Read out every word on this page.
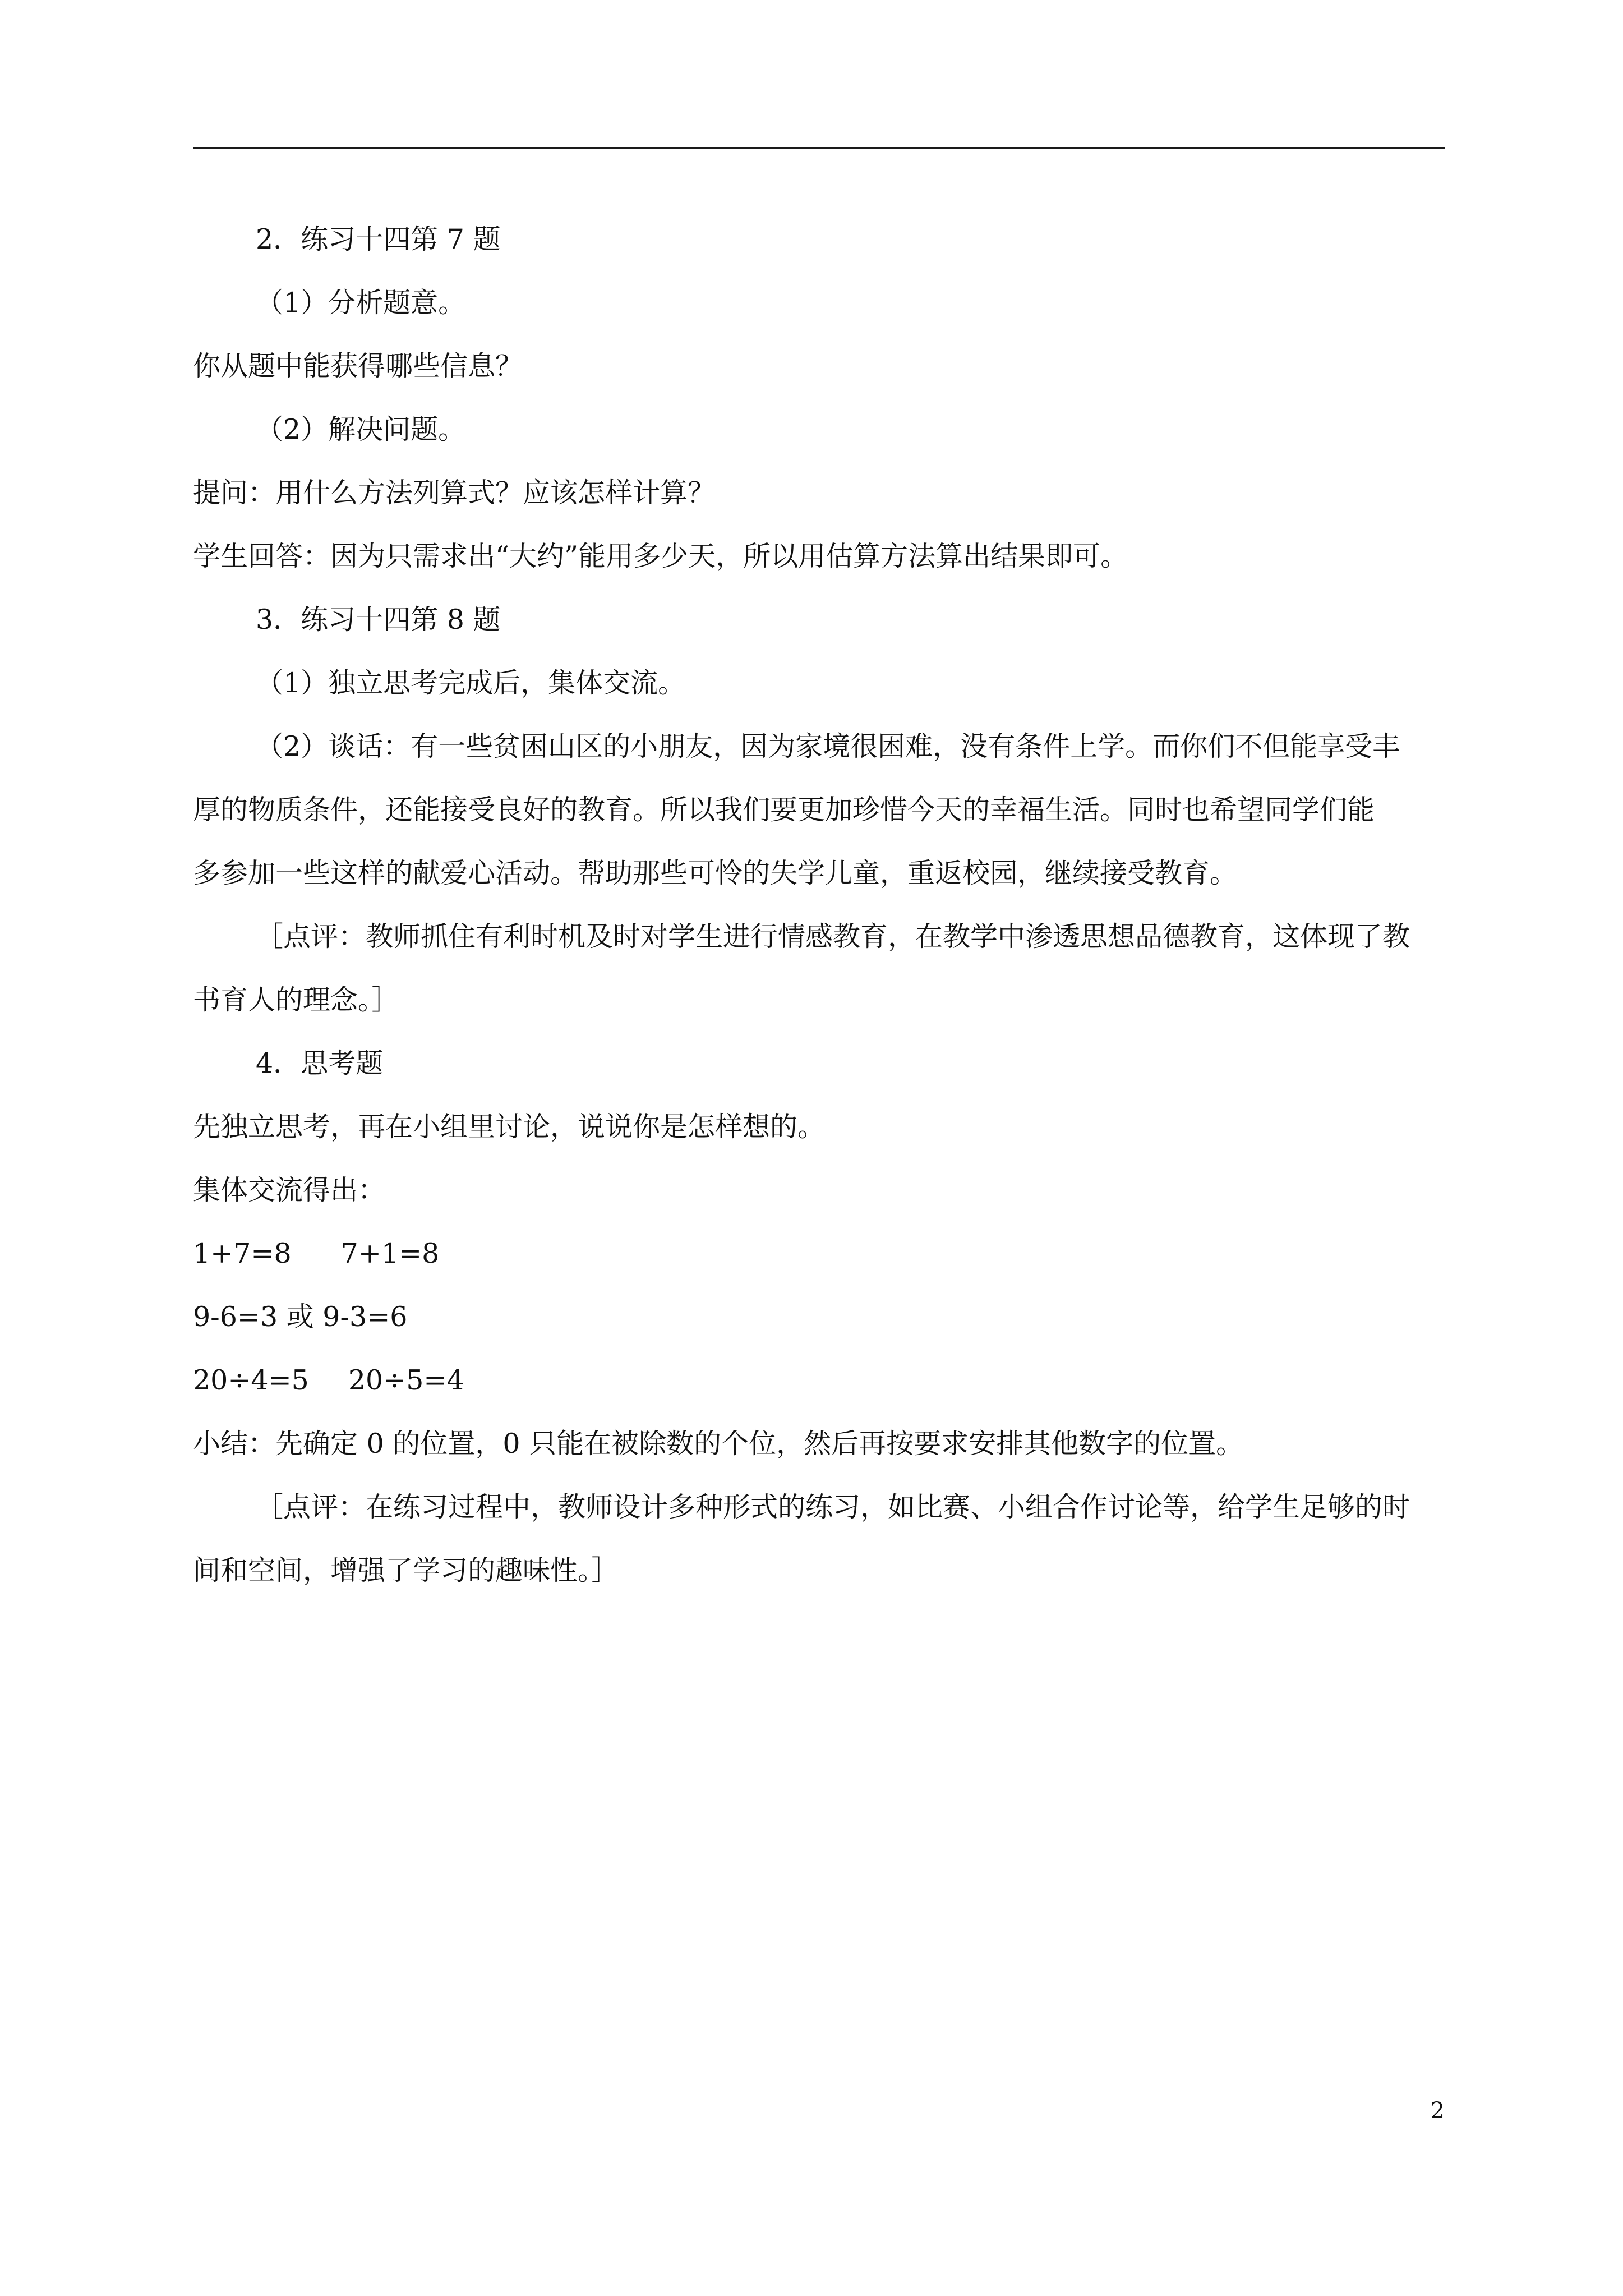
2．练习十四第 7 题

（1）分析题意。

你从题中能获得哪些信息？

（2）解决问题。

提问：用什么方法列算式？应该怎样计算？

学生回答：因为只需求出“大约”能用多少天，所以用估算方法算出结果即可。

3．练习十四第 8 题

（1）独立思考完成后，集体交流。

（2）谈话：有一些贫困山区的小朋友，因为家境很困难，没有条件上学。而你们不但能享受丰
厚的物质条件，还能接受良好的教育。所以我们要更加珍惜今天的幸福生活。同时也希望同学们能
多参加一些这样的献爱心活动。帮助那些可怜的失学儿童，重返校园，继续接受教育。
［点评：教师抓住有利时机及时对学生进行情感教育，在教学中渗透思想品德教育，这体现了教
书育人的理念。］

4．思考题

先独立思考，再在小组里讨论，说说你是怎样想的。

集体交流得出：

1+7=8 7+1=8

9-6=3 或 9-3=6

20÷4=5 20÷5=4

小结：先确定 0 的位置，0 只能在被除数的个位，然后再按要求安排其他数字的位置。

［点评：在练习过程中，教师设计多种形式的练习，如比赛、小组合作讨论等，给学生足够的时
间和空间，增强了学习的趣味性。］
2
